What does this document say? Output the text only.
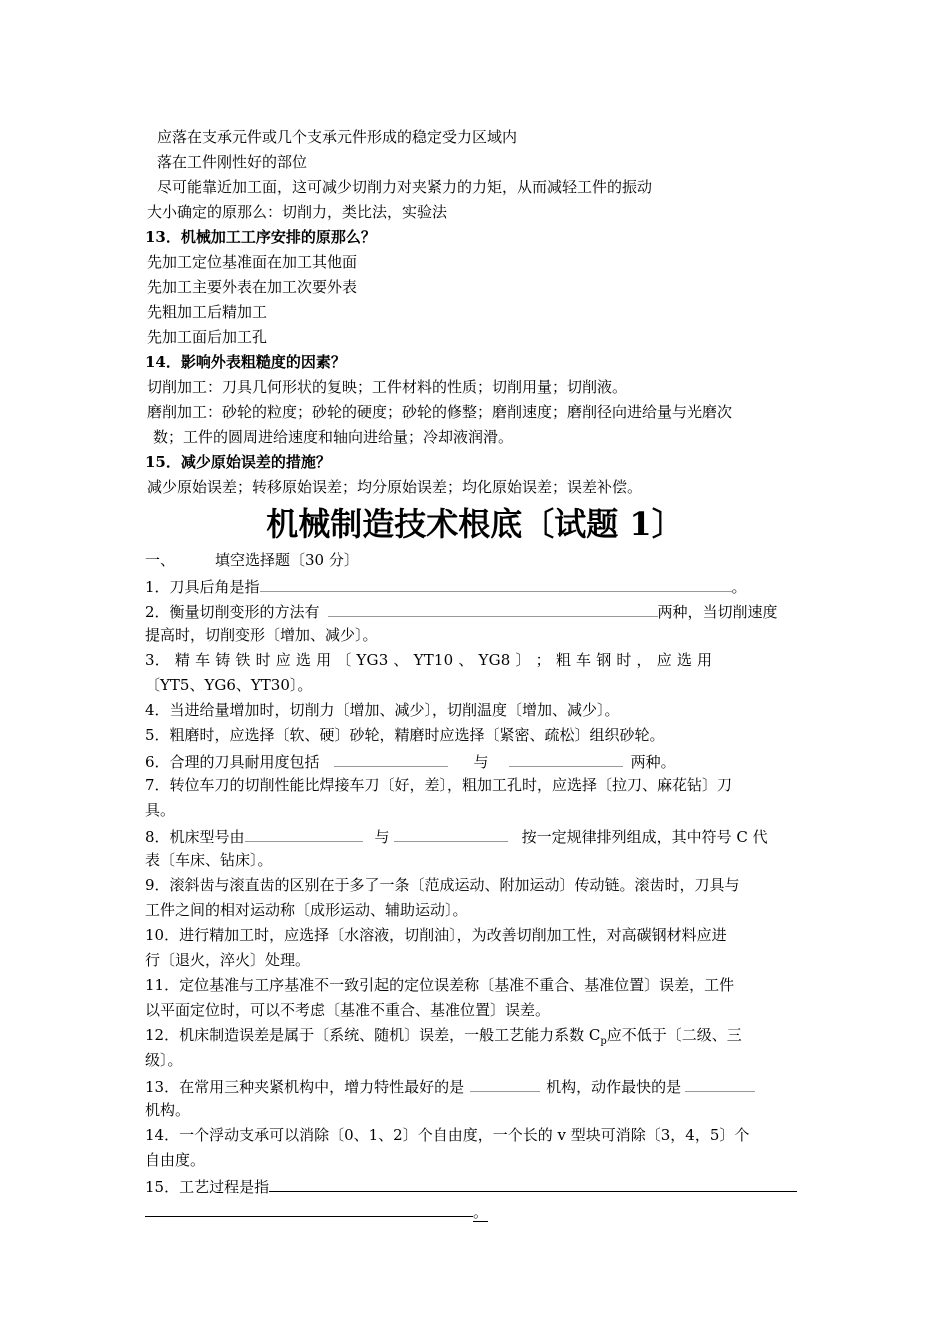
应落在支承元件或几个支承元件形成的稳定受力区域内
落在工件刚性好的部位
尽可能靠近加工面，这可减少切削力对夹紧力的力矩，从而减轻工件的振动
大小确定的原那么：切削力，类比法，实验法
13．机械加工工序安排的原那么？
先加工定位基准面在加工其他面
先加工主要外表在加工次要外表
先粗加工后精加工
先加工面后加工孔
14．影响外表粗糙度的因素？
切削加工：刀具几何形状的复映；工件材料的性质；切削用量；切削液。
磨削加工：砂轮的粒度；砂轮的硬度；砂轮的修整；磨削速度；磨削径向进给量与光磨次
数；工件的圆周进给速度和轴向进给量；冷却液润滑。
15．减少原始误差的措施？
减少原始误差；转移原始误差；均分原始误差；均化原始误差；误差补偿。
机械制造技术根底〔试题 1〕
一、	填空选择题〔30 分〕
1．刀具后角是指	。
2．衡量切削变形的方法有	两种，当切削速度
提高时，切削变形〔增加、减少〕。
3． 精 车 铸 铁 时 应 选 用 〔 YG3 、 YT10 、 YG8 〕 ； 粗 车 钢 时 ， 应 选 用
〔YT5、YG6、YT30〕。
4．当进给量增加时，切削力〔增加、减少〕，切削温度〔增加、减少〕。
5．粗磨时，应选择〔软、硬〕砂轮，精磨时应选择〔紧密、疏松〕组织砂轮。
6．合理的刀具耐用度包括	与	两种。
7．转位车刀的切削性能比焊接车刀〔好，差〕，粗加工孔时，应选择〔拉刀、麻花钻〕刀
具。
8．机床型号由	与	按一定规律排列组成，其中符号 C 代
表〔车床、钻床〕。
9．滚斜齿与滚直齿的区别在于多了一条〔范成运动、附加运动〕传动链。滚齿时，刀具与
工件之间的相对运动称〔成形运动、辅助运动〕。
10．进行精加工时，应选择〔水溶液，切削油〕，为改善切削加工性，对高碳钢材料应进
行〔退火，淬火〕处理。
11．定位基准与工序基准不一致引起的定位误差称〔基准不重合、基准位置〕误差，工件
以平面定位时，可以不考虑〔基准不重合、基准位置〕误差。
12．机床制造误差是属于〔系统、随机〕误差，一般工艺能力系数 $C_p$应不低于〔二级、三
级〕。
13．在常用三种夹紧机构中，增力特性最好的是	机构，动作最快的是
机构。
14．一个浮动支承可以消除〔0、1、2〕个自由度，一个长的 v 型块可消除〔3，4，5〕个
自由度。
15．工艺过程是指
。
